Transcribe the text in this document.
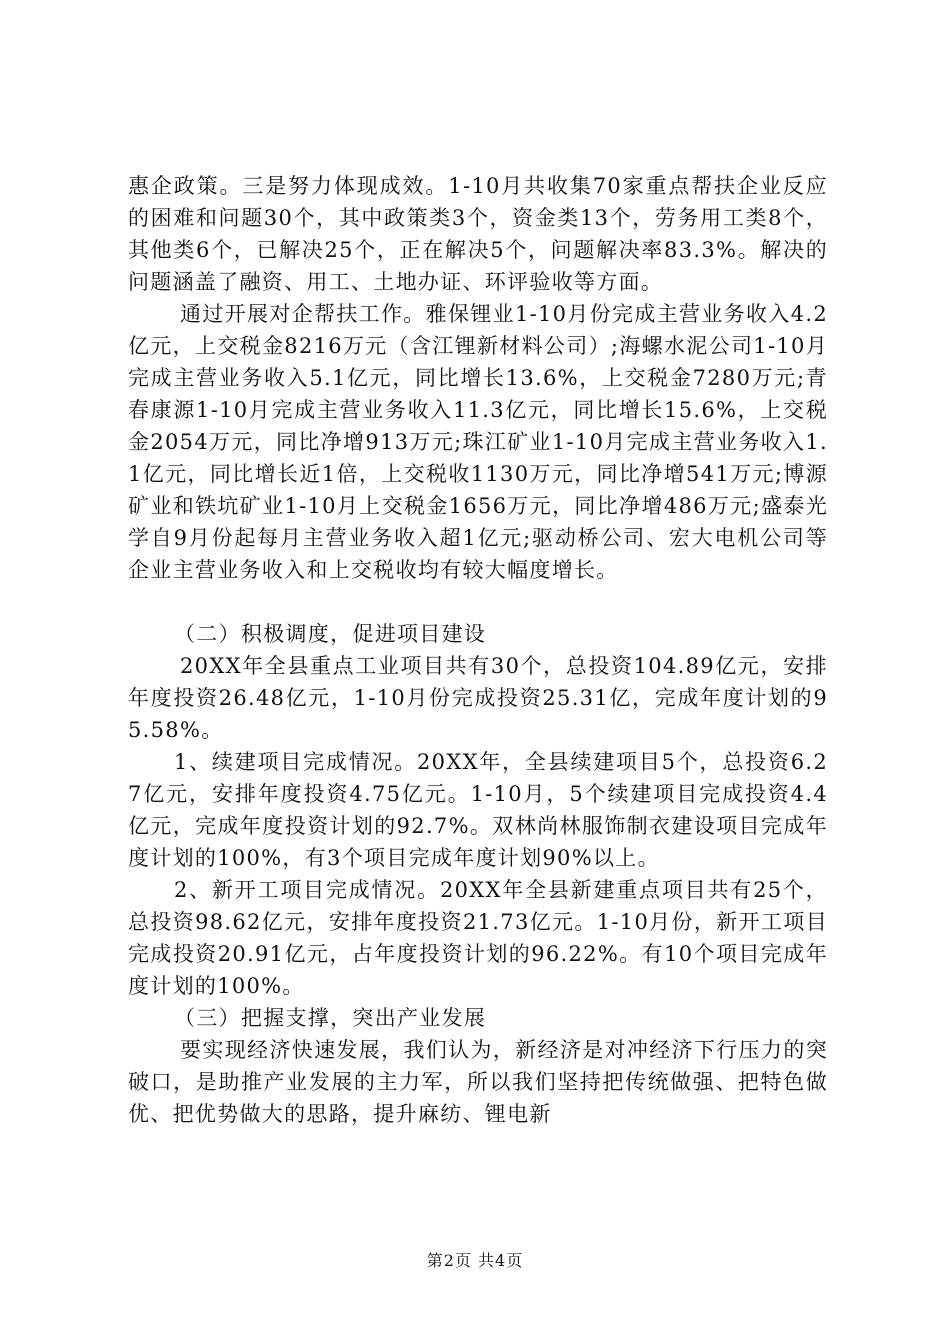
惠企政策。三是努力体现成效。1-10月共收集70家重点帮扶企业反应的困难和问题30个，其中政策类3个，资金类13个，劳务用工类8个，其他类6个，已解决25个，正在解决5个，问题解决率83.3%。解决的问题涵盖了融资、用工、土地办证、环评验收等方面。

通过开展对企帮扶工作。雅保锂业1-10月份完成主营业务收入4.2亿元，上交税金8216万元（含江锂新材料公司）;海螺水泥公司1-10月完成主营业务收入5.1亿元，同比增长13.6%，上交税金7280万元;青春康源1-10月完成主营业务收入11.3亿元，同比增长15.6%，上交税金2054万元，同比净增913万元;珠江矿业1-10月完成主营业务收入1.1亿元，同比增长近1倍，上交税收1130万元，同比净增541万元;博源矿业和铁坑矿业1-10月上交税金1656万元，同比净增486万元;盛泰光学自9月份起每月主营业务收入超1亿元;驱动桥公司、宏大电机公司等企业主营业务收入和上交税收均有较大幅度增长。

（二）积极调度，促进项目建设

20XX年全县重点工业项目共有30个，总投资104.89亿元，安排年度投资26.48亿元，1-10月份完成投资25.31亿，完成年度计划的95.58%。

1、续建项目完成情况。20XX年，全县续建项目5个，总投资6.27亿元，安排年度投资4.75亿元。1-10月，5个续建项目完成投资4.4亿元，完成年度投资计划的92.7%。双林尚林服饰制衣建设项目完成年度计划的100%，有3个项目完成年度计划90%以上。

2、新开工项目完成情况。20XX年全县新建重点项目共有25个，总投资98.62亿元，安排年度投资21.73亿元。1-10月份，新开工项目完成投资20.91亿元，占年度投资计划的96.22%。有10个项目完成年度计划的100%。

（三）把握支撑，突出产业发展

要实现经济快速发展，我们认为，新经济是对冲经济下行压力的突破口，是助推产业发展的主力军，所以我们坚持把传统做强、把特色做优、把优势做大的思路，提升麻纺、锂电新

第2页 共4页
